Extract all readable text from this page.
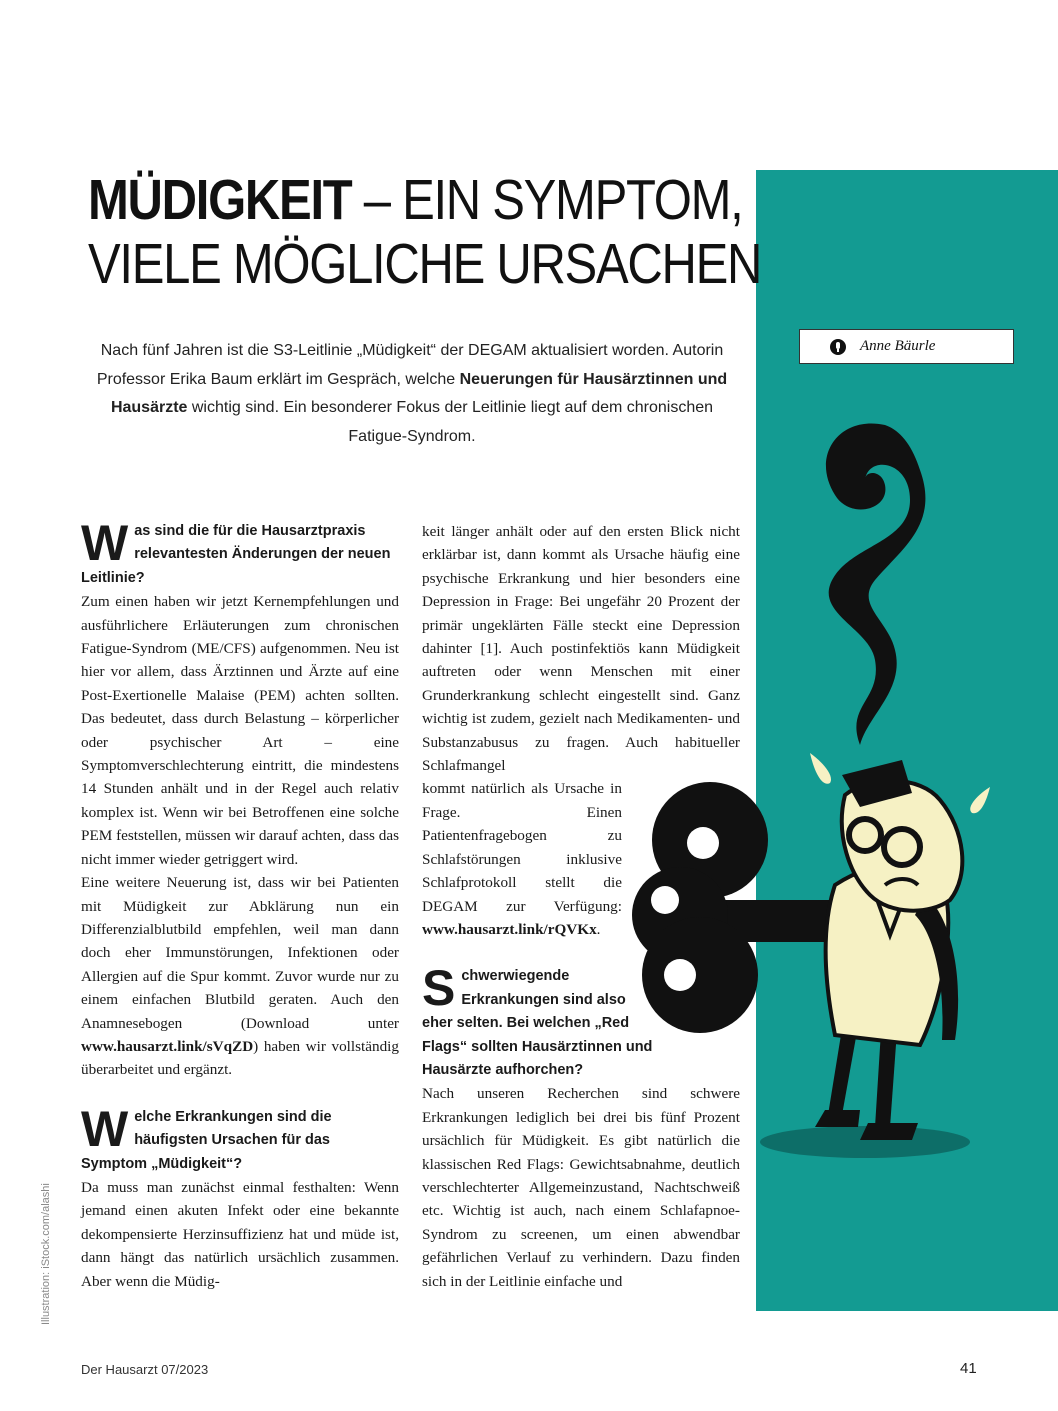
MÜDIGKEIT – EIN SYMPTOM,
VIELE MÖGLICHE URSACHEN
Anne Bäurle

Nach fünf Jahren ist die S3-Leitlinie „Müdigkeit“ der DEGAM aktualisiert worden. Autorin Professor Erika Baum erklärt im Gespräch, welche Neuerungen für Hausärztinnen und Hausärzte wichtig sind. Ein besonderer Fokus der Leitlinie liegt auf dem chronischen Fatigue-Syndrom.

Was sind die für die Hausarztpraxis relevantesten Änderungen der neuen Leitlinie?

Zum einen haben wir jetzt Kernempfehlungen und ausführlichere Erläuterungen zum chronischen Fatigue-Syndrom (ME/CFS) aufgenommen. Neu ist hier vor allem, dass Ärztinnen und Ärzte auf eine Post-Exertionelle Malaise (PEM) achten sollten. Das bedeutet, dass durch Belastung – körperlicher oder psychischer Art – eine Symptomverschlechterung eintritt, die mindestens 14 Stunden anhält und in der Regel auch relativ komplex ist. Wenn wir bei Betroffenen eine solche PEM feststellen, müssen wir darauf achten, dass das nicht immer wieder getriggert wird.

Eine weitere Neuerung ist, dass wir bei Patienten mit Müdigkeit zur Abklärung nun ein Differenzialblutbild empfehlen, weil man dann doch eher Immunstörungen, Infektionen oder Allergien auf die Spur kommt. Zuvor wurde nur zu einem einfachen Blutbild geraten. Auch den Anamnesebogen (Download unter www.hausarzt.link/sVqZD) haben wir vollständig überarbeitet und ergänzt.

Welche Erkrankungen sind die häufigsten Ursachen für das Symptom „Müdigkeit“?

Da muss man zunächst einmal festhalten: Wenn jemand einen akuten Infekt oder eine bekannte dekompensierte Herzinsuffizienz hat und müde ist, dann hängt das natürlich ursächlich zusammen. Aber wenn die Müdig-

keit länger anhält oder auf den ersten Blick nicht erklärbar ist, dann kommt als Ursache häufig eine psychische Erkrankung und hier besonders eine Depression in Frage: Bei ungefähr 20 Prozent der primär ungeklärten Fälle steckt eine Depression dahinter [1]. Auch postinfektiös kann Müdigkeit auftreten oder wenn Menschen mit einer Grunderkrankung schlecht eingestellt sind. Ganz wichtig ist zudem, gezielt nach Medikamenten- und Substanzabusus zu fragen. Auch habitueller Schlafmangel

kommt natürlich als Ursache in Frage. Einen Patientenfragebogen zu Schlafstörungen inklusive Schlafprotokoll stellt die DEGAM zur Verfügung: www.hausarzt.link/rQVKx.

Schwerwiegende Erkrankungen sind also eher selten. Bei welchen „Red Flags“ sollten Hausärztinnen und Hausärzte aufhorchen?

Nach unseren Recherchen sind schwere Erkrankungen lediglich bei drei bis fünf Prozent ursächlich für Müdigkeit. Es gibt natürlich die klassischen Red Flags: Gewichtsabnahme, deutlich verschlechterter Allgemeinzustand, Nachtschweiß etc. Wichtig ist auch, nach einem Schlafapnoe-Syndrom zu screenen, um einen abwendbar gefährlichen Verlauf zu verhindern. Dazu finden sich in der Leitlinie einfache und

Der Hausarzt 07/2023	41
Illustration: iStock.com/alashi
